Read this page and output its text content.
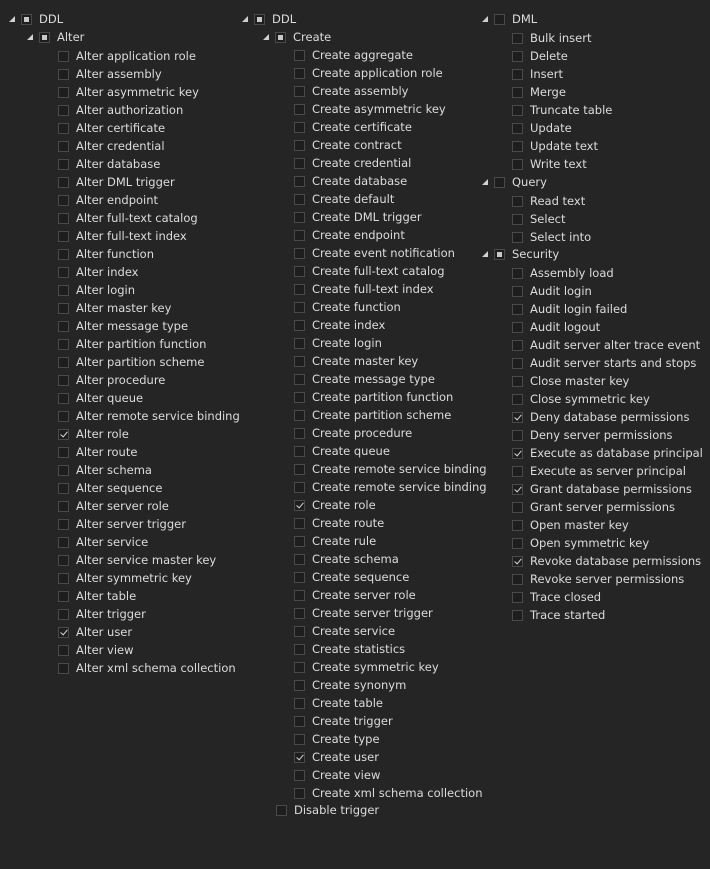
DDL
Alter
Alter application role
Alter assembly
Alter asymmetric key
Alter authorization
Alter certificate
Alter credential
Alter database
Alter DML trigger
Alter endpoint
Alter full-text catalog
Alter full-text index
Alter function
Alter index
Alter login
Alter master key
Alter message type
Alter partition function
Alter partition scheme
Alter procedure
Alter queue
Alter remote service binding
Alter role
Alter route
Alter schema
Alter sequence
Alter server role
Alter server trigger
Alter service
Alter service master key
Alter symmetric key
Alter table
Alter trigger
Alter user
Alter view
Alter xml schema collection
DDL
Create
Create aggregate
Create application role
Create assembly
Create asymmetric key
Create certificate
Create contract
Create credential
Create database
Create default
Create DML trigger
Create endpoint
Create event notification
Create full-text catalog
Create full-text index
Create function
Create index
Create login
Create master key
Create message type
Create partition function
Create partition scheme
Create procedure
Create queue
Create remote service binding
Create remote service binding
Create role
Create route
Create rule
Create schema
Create sequence
Create server role
Create server trigger
Create service
Create statistics
Create symmetric key
Create synonym
Create table
Create trigger
Create type
Create user
Create view
Create xml schema collection
Disable trigger
DML
Bulk insert
Delete
Insert
Merge
Truncate table
Update
Update text
Write text
Query
Read text
Select
Select into
Security
Assembly load
Audit login
Audit login failed
Audit logout
Audit server alter trace event
Audit server starts and stops
Close master key
Close symmetric key
Deny database permissions
Deny server permissions
Execute as database principal
Execute as server principal
Grant database permissions
Grant server permissions
Open master key
Open symmetric key
Revoke database permissions
Revoke server permissions
Trace closed
Trace started
